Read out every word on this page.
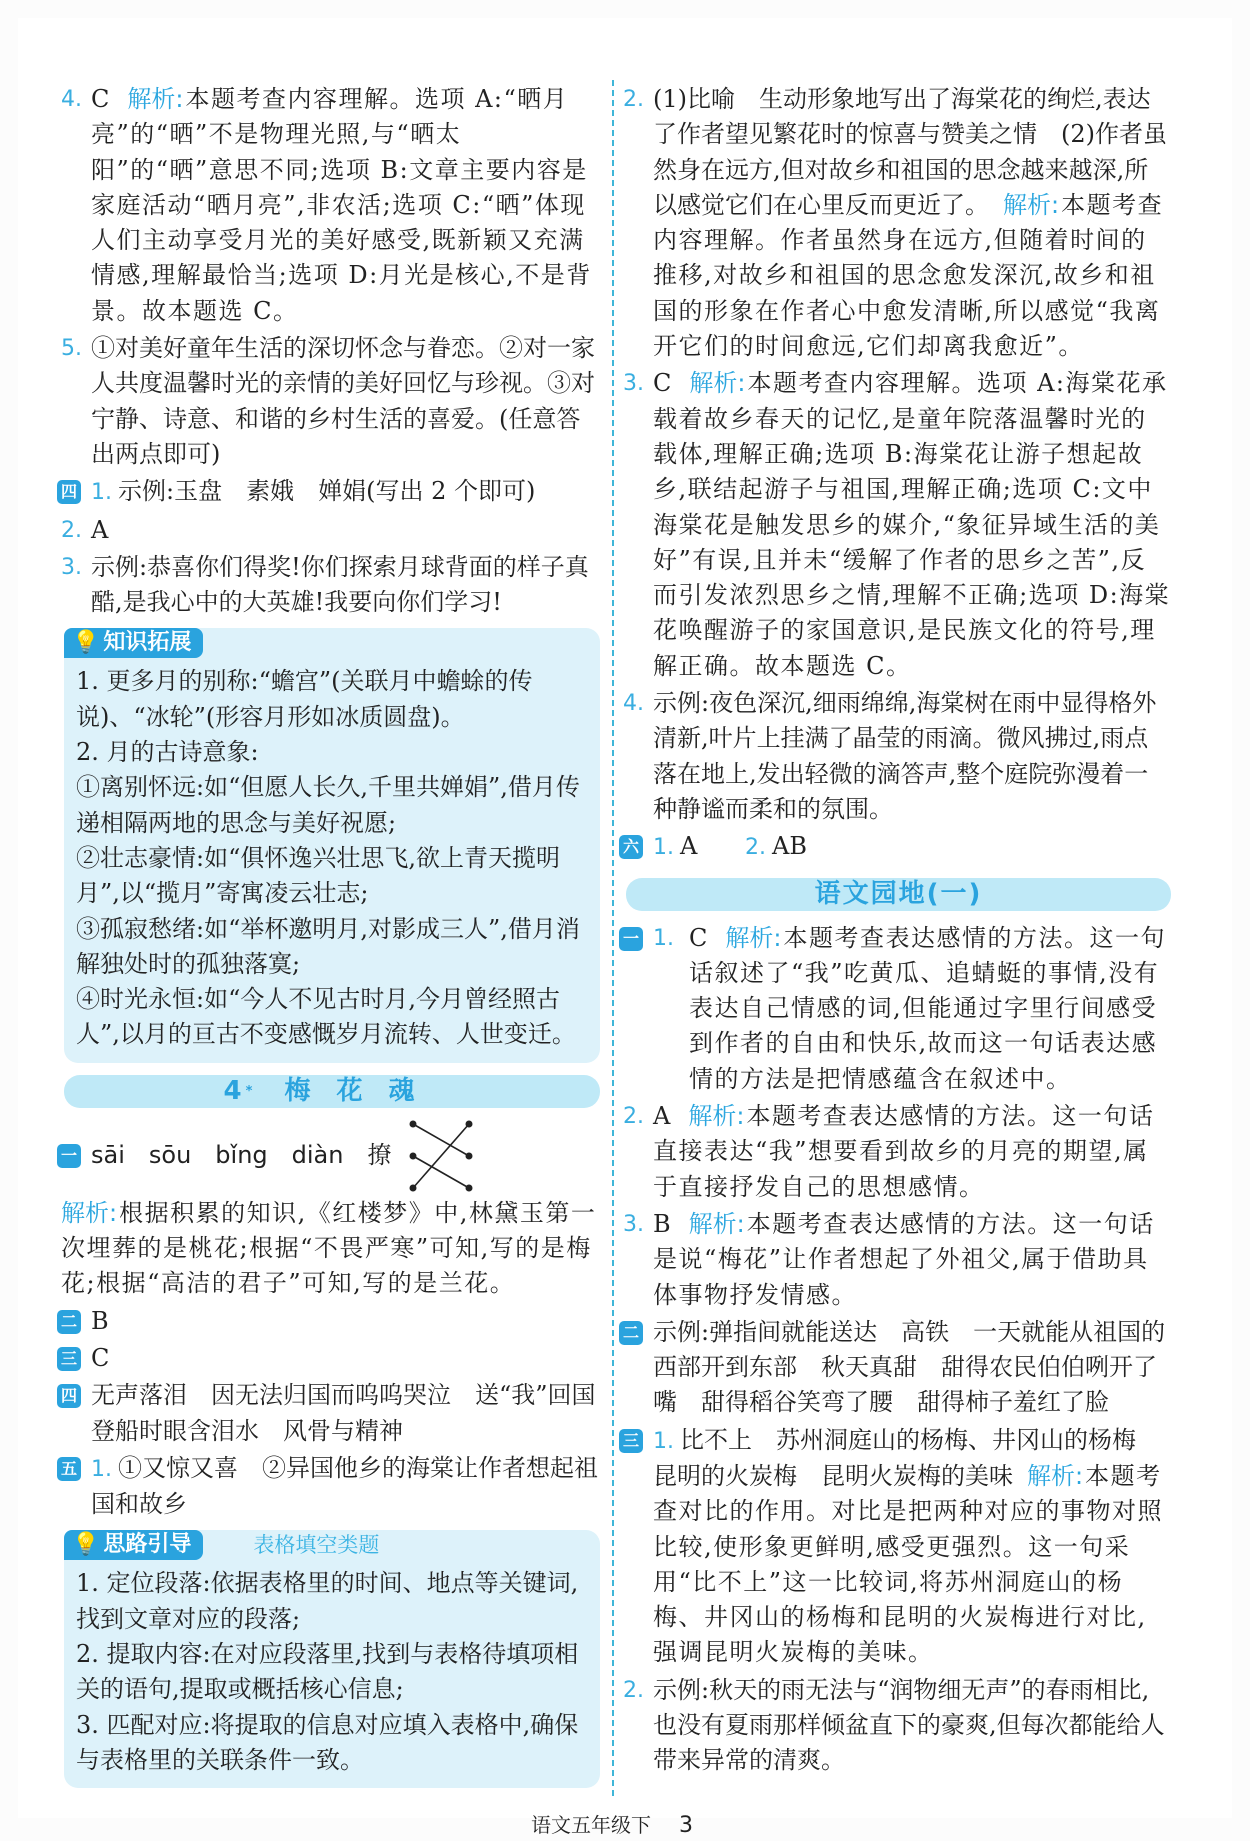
4. C 解析:本题考查内容理解。选项 A:“晒月亮”的“晒”不是物理光照,与“晒太阳”的“晒”意思不同;选项 B:文章主要内容是家庭活动“晒月亮”,非农活;选项 C:“晒”体现人们主动享受月光的美好感受,既新颖又充满情感,理解最恰当;选项 D:月光是核心,不是背景。故本题选 C。
5. ①对美好童年生活的深切怀念与眷恋。②对一家人共度温馨时光的亲情的美好回忆与珍视。③对宁静、诗意、和谐的乡村生活的喜爱。(任意答出两点即可)
四 1. 示例:玉盘　素娥　婵娟(写出 2 个即可)
2. A
3. 示例:恭喜你们得奖!你们探索月球背面的样子真酷,是我心中的大英雄!我要向你们学习!
💡 知识拓展
1. 更多月的别称:“蟾宫”(关联月中蟾蜍的传说)、“冰轮”(形容月形如冰质圆盘)。
2. 月的古诗意象:
①离别怀远:如“但愿人长久,千里共婵娟”,借月传递相隔两地的思念与美好祝愿;
②壮志豪情:如“俱怀逸兴壮思飞,欲上青天揽明月”,以“揽月”寄寓凌云壮志;
③孤寂愁绪:如“举杯邀明月,对影成三人”,借月消解独处时的孤独落寞;
④时光永恒:如“今人不见古时月,今月曾经照古人”,以月的亘古不变感慨岁月流转、人世变迁。
4 * 梅花魂
一 sāi sōu bǐng diàn 撩
解析:根据积累的知识,《红楼梦》中,林黛玉第一次埋葬的是桃花;根据“不畏严寒”可知,写的是梅花;根据“高洁的君子”可知,写的是兰花。
二 B
三 C
四 无声落泪　因无法归国而呜呜哭泣　送“我”回国登船时眼含泪水　风骨与精神
五 1. ①又惊又喜　②异国他乡的海棠让作者想起祖国和故乡
💡 思路引导	表格填空类题
1. 定位段落:依据表格里的时间、地点等关键词,找到文章对应的段落;
2. 提取内容:在对应段落里,找到与表格待填项相关的语句,提取或概括核心信息;
3. 匹配对应:将提取的信息对应填入表格中,确保与表格里的关联条件一致。
2. (1)比喻　生动形象地写出了海棠花的绚烂,表达了作者望见繁花时的惊喜与赞美之情　(2)作者虽然身在远方,但对故乡和祖国的思念越来越深,所以感觉它们在心里反而更近了。 解析:本题考查内容理解。作者虽然身在远方,但随着时间的推移,对故乡和祖国的思念愈发深沉,故乡和祖国的形象在作者心中愈发清晰,所以感觉“我离开它们的时间愈远,它们却离我愈近”。
3. C 解析:本题考查内容理解。选项 A:海棠花承载着故乡春天的记忆,是童年院落温馨时光的载体,理解正确;选项 B:海棠花让游子想起故乡,联结起游子与祖国,理解正确;选项 C:文中海棠花是触发思乡的媒介,“象征异域生活的美好”有误,且并未“缓解了作者的思乡之苦”,反而引发浓烈思乡之情,理解不正确;选项 D:海棠花唤醒游子的家国意识,是民族文化的符号,理解正确。故本题选 C。
4. 示例:夜色深沉,细雨绵绵,海棠树在雨中显得格外清新,叶片上挂满了晶莹的雨滴。微风拂过,雨点落在地上,发出轻微的滴答声,整个庭院弥漫着一种静谧而柔和的氛围。
六 1. A 2. AB
语文园地(一)
一 1. C 解析:本题考查表达感情的方法。这一句话叙述了“我”吃黄瓜、追蜻蜓的事情,没有表达自己情感的词,但能通过字里行间感受到作者的自由和快乐,故而这一句话表达感情的方法是把情感蕴含在叙述中。
2. A 解析:本题考查表达感情的方法。这一句话直接表达“我”想要看到故乡的月亮的期望,属于直接抒发自己的思想感情。
3. B 解析:本题考查表达感情的方法。这一句话是说“梅花”让作者想起了外祖父,属于借助具体事物抒发情感。
二 示例:弹指间就能送达　高铁　一天就能从祖国的西部开到东部　秋天真甜　甜得农民伯伯咧开了嘴　甜得稻谷笑弯了腰　甜得柿子羞红了脸
三 1. 比不上　苏州洞庭山的杨梅、井冈山的杨梅　昆明的火炭梅　昆明火炭梅的美味 解析:本题考查对比的作用。对比是把两种对应的事物对照比较,使形象更鲜明,感受更强烈。这一句采用“比不上”这一比较词,将苏州洞庭山的杨梅、井冈山的杨梅和昆明的火炭梅进行对比,强调昆明火炭梅的美味。
2. 示例:秋天的雨无法与“润物细无声”的春雨相比,也没有夏雨那样倾盆直下的豪爽,但每次都能给人带来异常的清爽。
语文五年级下 3
